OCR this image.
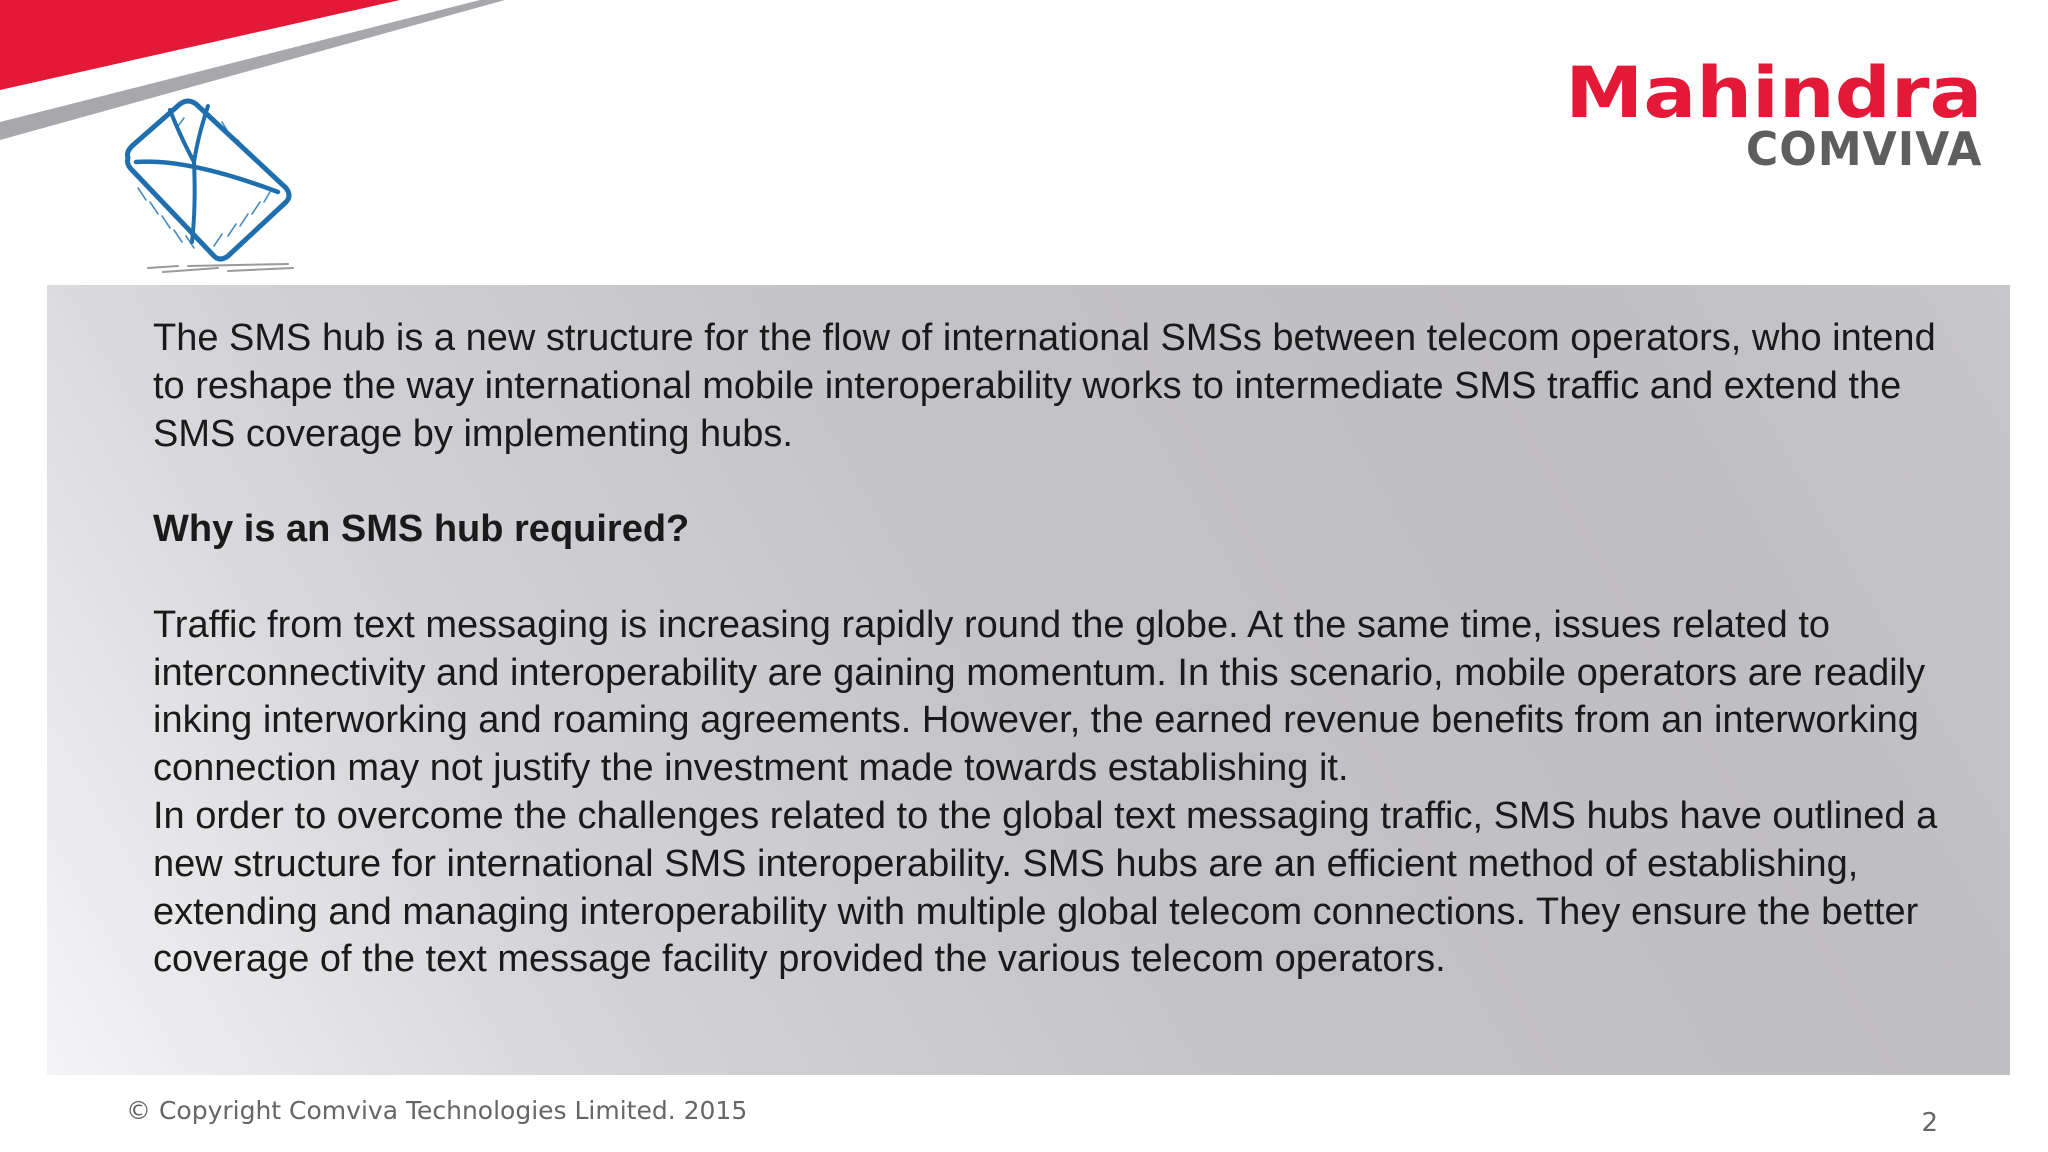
Mahindra
COMVIVA

The SMS hub is a new structure for the flow of international SMSs between telecom operators, who intend to reshape the way international mobile interoperability works to intermediate SMS traffic and extend the SMS coverage by implementing hubs.

Why is an SMS hub required?

Traffic from text messaging is increasing rapidly round the globe. At the same time, issues related to interconnectivity and interoperability are gaining momentum. In this scenario, mobile operators are readily inking interworking and roaming agreements. However, the earned revenue benefits from an interworking connection may not justify the investment made towards establishing it.

In order to overcome the challenges related to the global text messaging traffic, SMS hubs have outlined a new structure for international SMS interoperability. SMS hubs are an efficient method of establishing, extending and managing interoperability with multiple global telecom connections. They ensure the better coverage of the text message facility provided the various telecom operators.

© Copyright Comviva Technologies Limited. 2015	2
